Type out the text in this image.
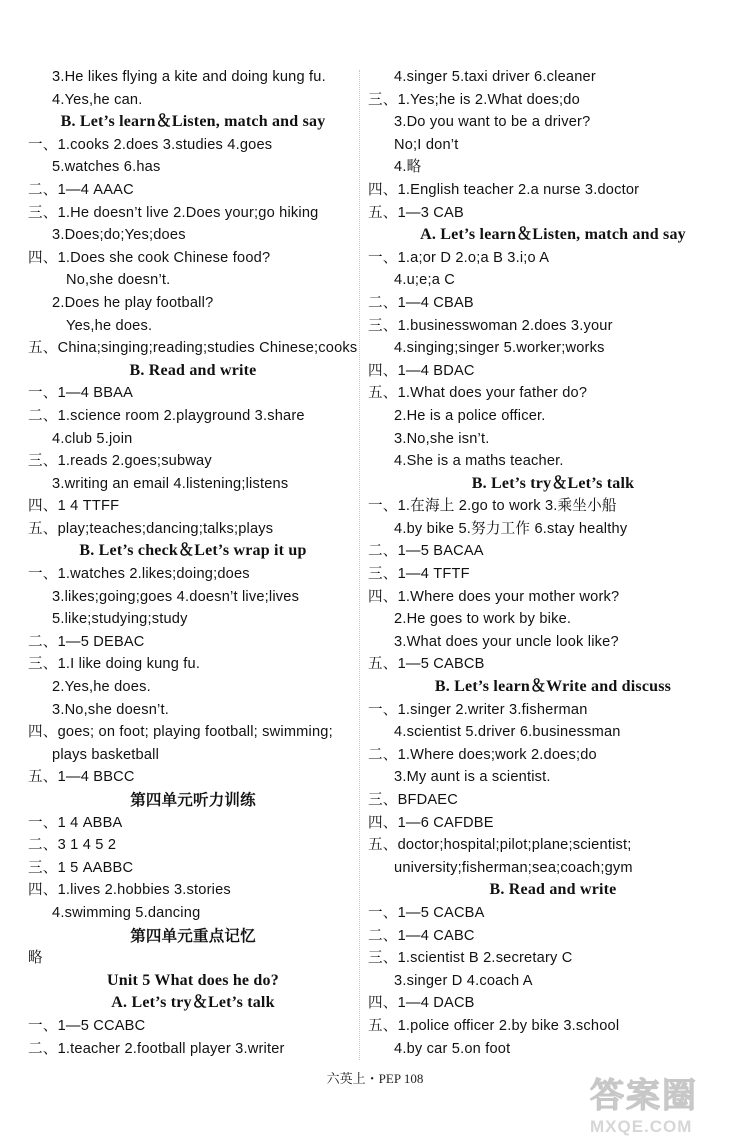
3.He likes flying a kite and doing kung fu.
4.Yes,he can.
B. Let’s learn＆Listen, match and say
一、1.cooks 2.does 3.studies 4.goes
5.watches 6.has
二、1—4 AAAC
三、1.He doesn’t live 2.Does your;go hiking
3.Does;do;Yes;does
四、1.Does she cook Chinese food?
No,she doesn’t.
2.Does he play football?
Yes,he does.
五、China;singing;reading;studies Chinese;cooks
B. Read and write
一、1—4 BBAA
二、1.science room 2.playground 3.share
4.club 5.join
三、1.reads 2.goes;subway
3.writing an email 4.listening;listens
四、1 4 TTFF
五、play;teaches;dancing;talks;plays
B. Let’s check＆Let’s wrap it up
一、1.watches 2.likes;doing;does
3.likes;going;goes 4.doesn’t live;lives
5.like;studying;study
二、1—5 DEBAC
三、1.I like doing kung fu.
2.Yes,he does.
3.No,she doesn’t.
四、goes; on foot; playing football; swimming;
plays basketball
五、1—4 BBCC
第四单元听力训练
一、1 4 ABBA
二、3 1 4 5 2
三、1 5 AABBC
四、1.lives 2.hobbies 3.stories
4.swimming 5.dancing
第四单元重点记忆
略
Unit 5 What does he do?
A. Let’s try＆Let’s talk
一、1—5 CCABC
二、1.teacher 2.football player 3.writer
4.singer 5.taxi driver 6.cleaner
三、1.Yes;he is 2.What does;do
3.Do you want to be a driver?
No;I don’t
4.略
四、1.English teacher 2.a nurse 3.doctor
五、1—3 CAB
A. Let’s learn＆Listen, match and say
一、1.a;or D 2.o;a B 3.i;o A
4.u;e;a C
二、1—4 CBAB
三、1.businesswoman 2.does 3.your
4.singing;singer 5.worker;works
四、1—4 BDAC
五、1.What does your father do?
2.He is a police officer.
3.No,she isn’t.
4.She is a maths teacher.
B. Let’s try＆Let’s talk
一、1.在海上 2.go to work 3.乘坐小船
4.by bike 5.努力工作 6.stay healthy
二、1—5 BACAA
三、1—4 TFTF
四、1.Where does your mother work?
2.He goes to work by bike.
3.What does your uncle look like?
五、1—5 CABCB
B. Let’s learn＆Write and discuss
一、1.singer 2.writer 3.fisherman
4.scientist 5.driver 6.businessman
二、1.Where does;work 2.does;do
3.My aunt is a scientist.
三、BFDAEC
四、1—6 CAFDBE
五、doctor;hospital;pilot;plane;scientist;
university;fisherman;sea;coach;gym
B. Read and write
一、1—5 CACBA
二、1—4 CABC
三、1.scientist B 2.secretary C
3.singer D 4.coach A
四、1—4 DACB
五、1.police officer 2.by bike 3.school
4.by car 5.on foot
六英上・PEP 108	答案圈
MXQE.COM
